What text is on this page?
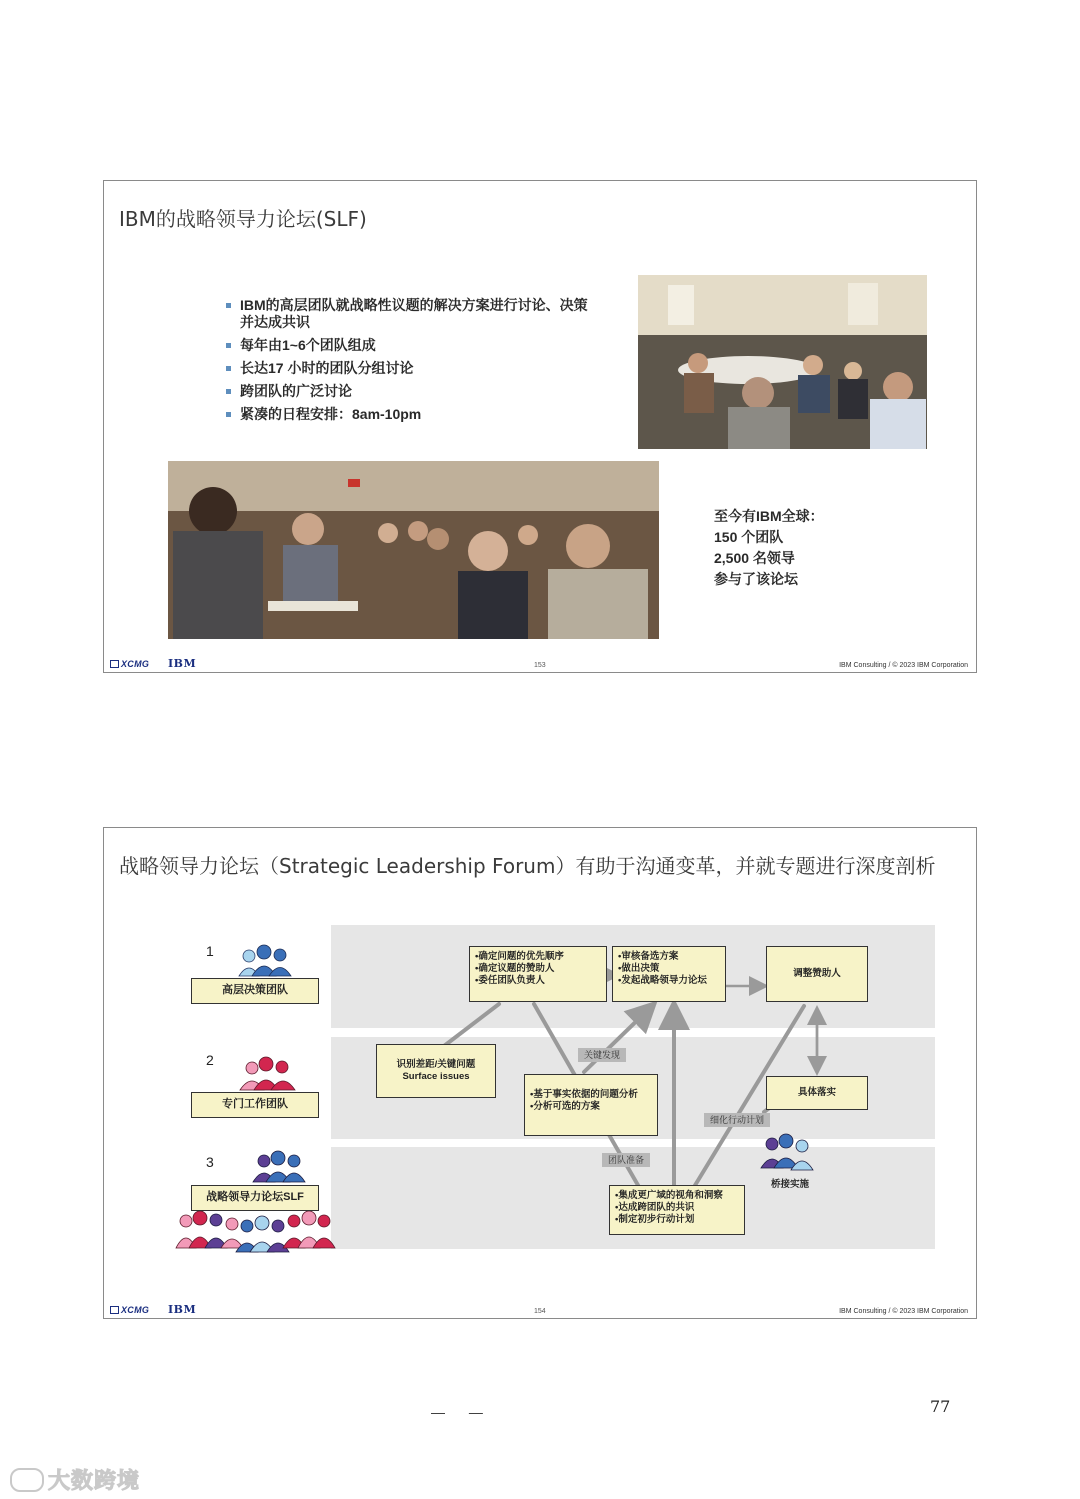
IBM的战略领导力论坛(SLF)
IBM的高层团队就战略性议题的解决方案进行讨论、决策并达成共识
每年由1~6个团队组成
长达17 小时的团队分组讨论
跨团队的广泛讨论
紧凑的日程安排：8am-10pm
至今有IBM全球：
150 个团队
2,500 名领导
参与了该论坛
XCMG IBM	153	IBM Consulting / © 2023 IBM Corporation
战略领导力论坛（Strategic Leadership Forum）有助于沟通变革，并就专题进行深度剖析
1
高层决策团队
2
专门工作团队
3
战略领导力论坛SLF
•确定问题的优先顺序
•确定议题的赞助人
•委任团队负责人
•审核备选方案
•做出决策
•发起战略领导力论坛
调整赞助人
识别差距/关键问题
Surface issues
•基于事实依据的问题分析
•分析可选的方案
具体落实
•集成更广域的视角和洞察
•达成跨团队的共识
•制定初步行动计划
关键发现
细化行动计划
团队准备
桥接实施
XCMG IBM	154	IBM Consulting / © 2023 IBM Corporation
— —	77
大数跨境
